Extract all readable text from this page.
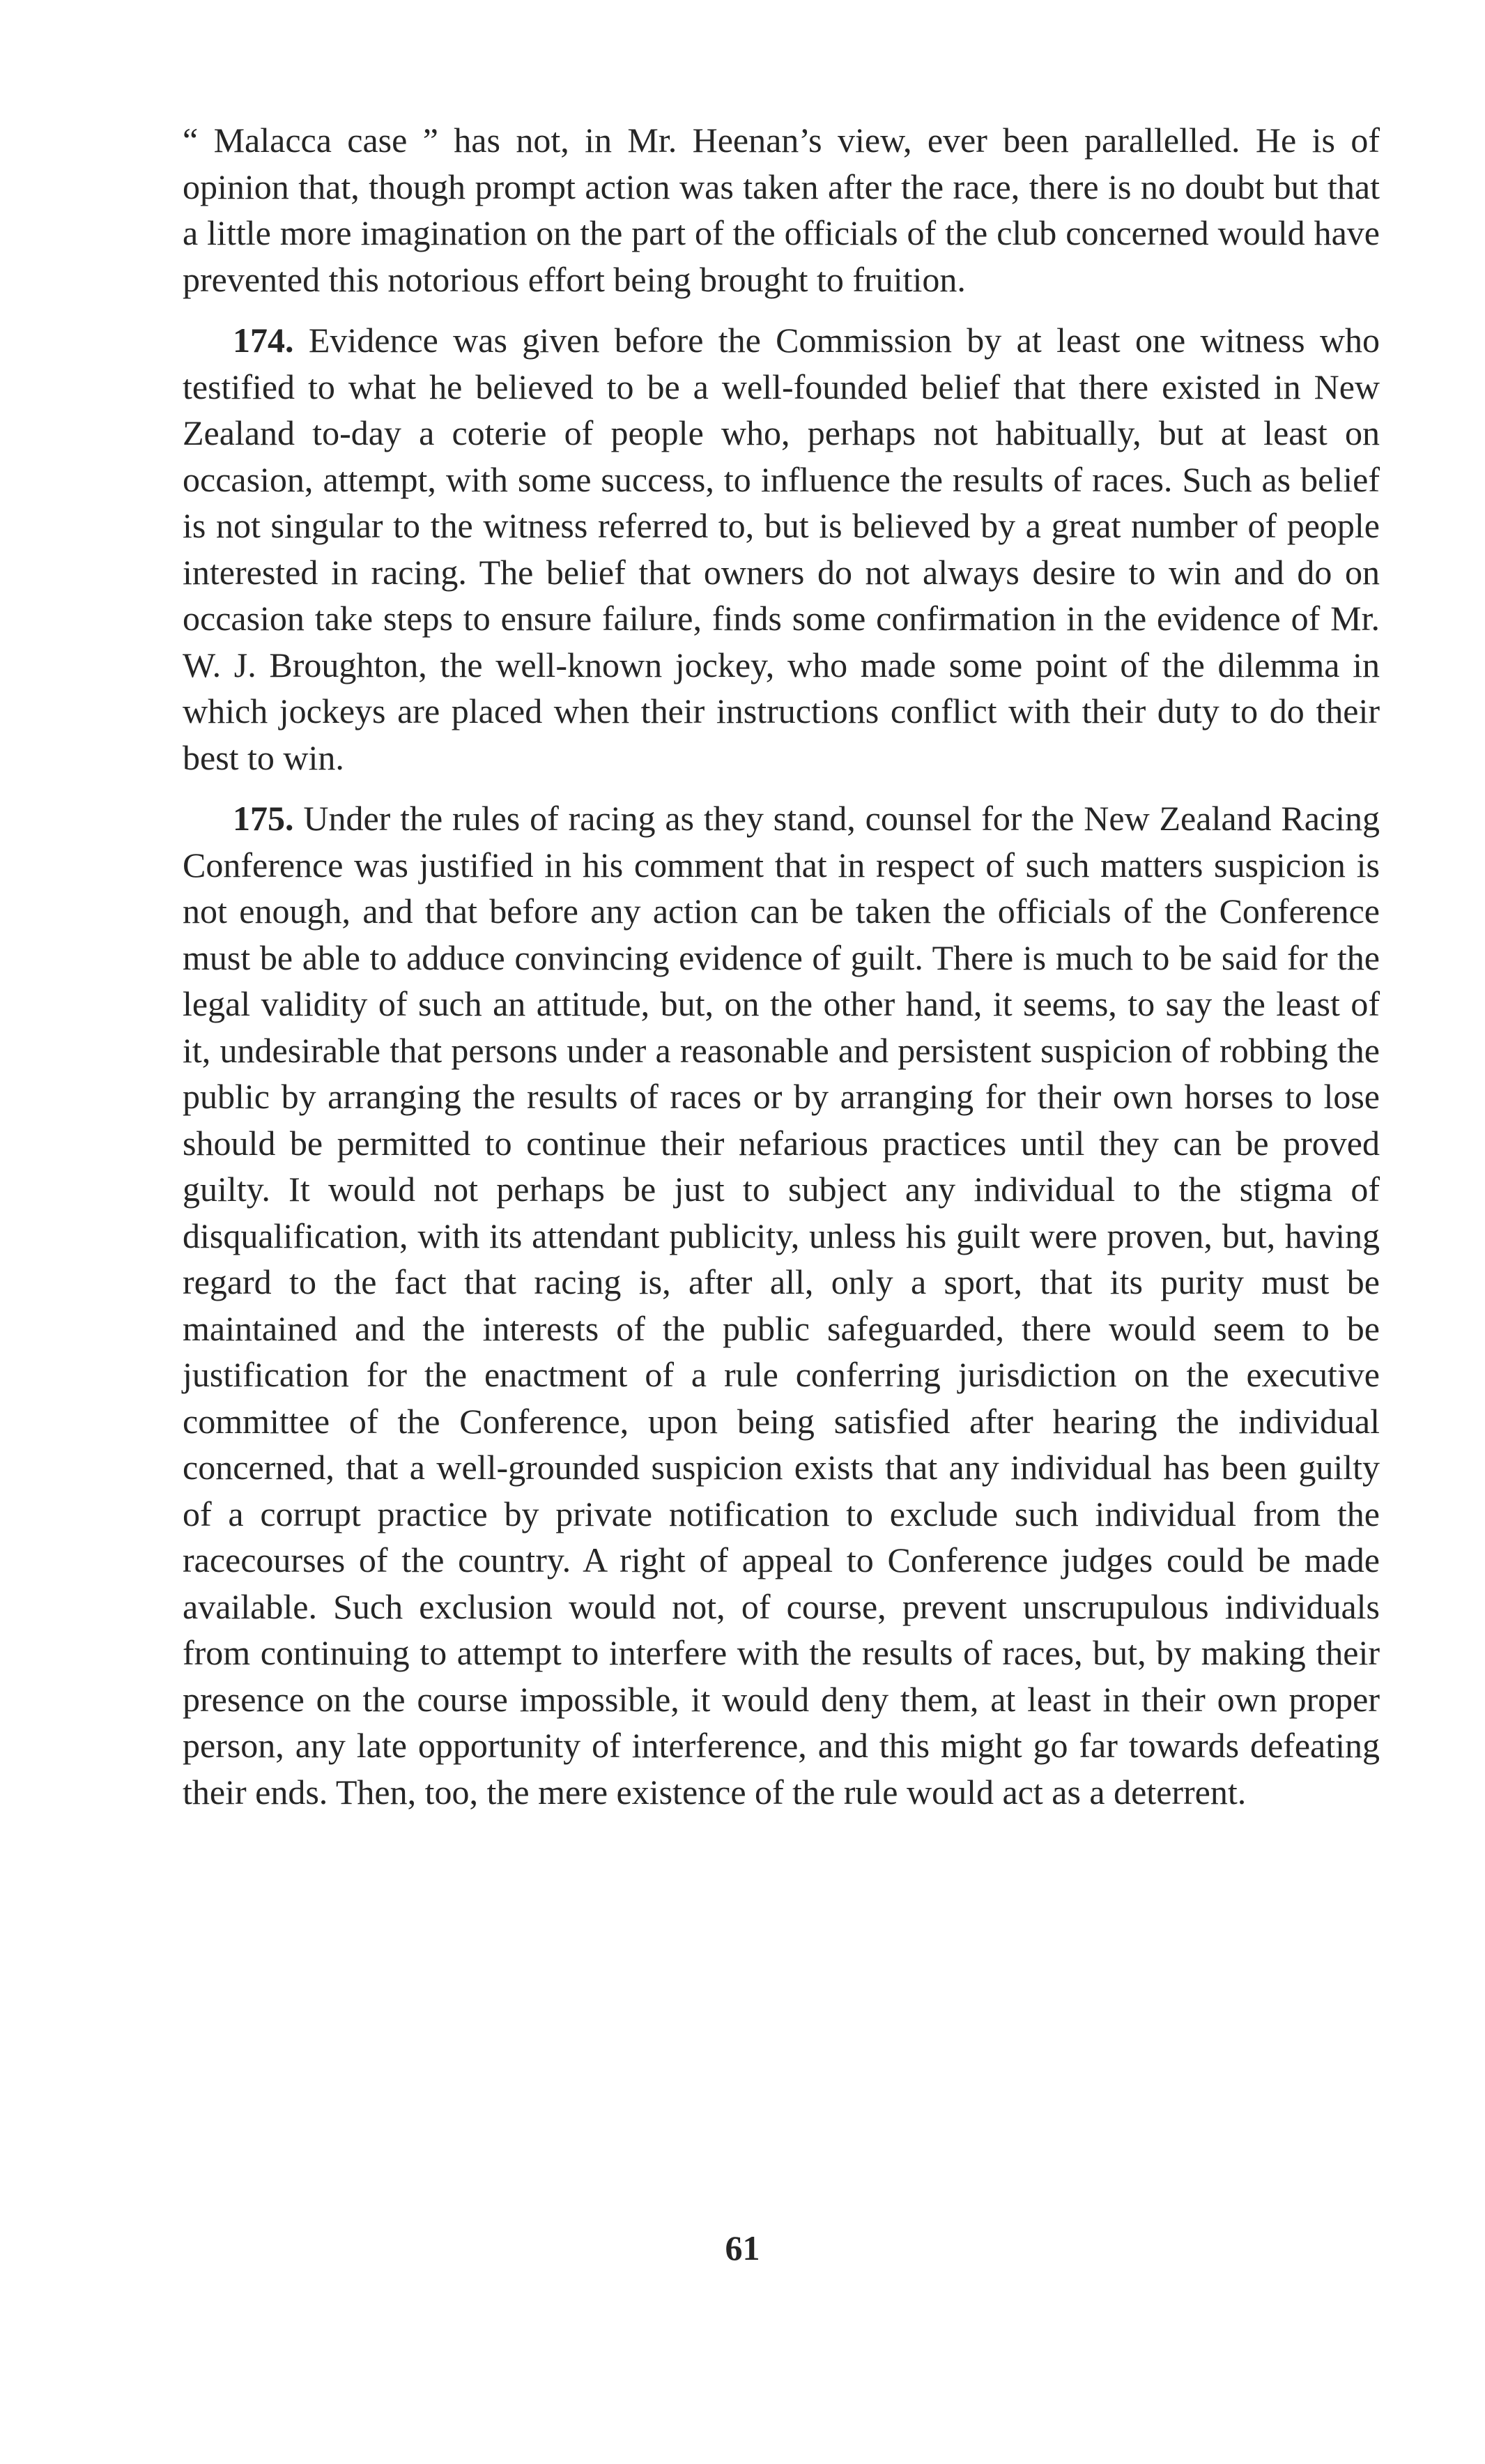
“ Malacca case ” has not, in Mr. Heenan’s view, ever been parallelled. He is of opinion that, though prompt action was taken after the race, there is no doubt but that a little more imagination on the part of the officials of the club concerned would have prevented this notorious effort being brought to fruition.

174. Evidence was given before the Commission by at least one witness who testified to what he believed to be a well-founded belief that there existed in New Zealand to-day a coterie of people who, perhaps not habitually, but at least on occasion, attempt, with some success, to influence the results of races. Such as belief is not singular to the witness referred to, but is believed by a great number of people interested in racing. The belief that owners do not always desire to win and do on occasion take steps to ensure failure, finds some confirmation in the evidence of Mr. W. J. Broughton, the well-known jockey, who made some point of the dilemma in which jockeys are placed when their instructions conflict with their duty to do their best to win.

175. Under the rules of racing as they stand, counsel for the New Zealand Racing Conference was justified in his comment that in respect of such matters suspicion is not enough, and that before any action can be taken the officials of the Conference must be able to adduce convincing evidence of guilt. There is much to be said for the legal validity of such an attitude, but, on the other hand, it seems, to say the least of it, undesirable that persons under a reasonable and persistent suspicion of robbing the public by arranging the results of races or by arranging for their own horses to lose should be permitted to continue their nefarious practices until they can be proved guilty. It would not perhaps be just to subject any individual to the stigma of disqualification, with its attendant publicity, unless his guilt were proven, but, having regard to the fact that racing is, after all, only a sport, that its purity must be maintained and the interests of the public safeguarded, there would seem to be justification for the enactment of a rule conferring jurisdiction on the executive committee of the Conference, upon being satisfied after hearing the individual concerned, that a well-grounded suspicion exists that any individual has been guilty of a corrupt practice by private notification to exclude such individual from the racecourses of the country. A right of appeal to Conference judges could be made available. Such exclusion would not, of course, prevent unscrupulous individuals from continuing to attempt to interfere with the results of races, but, by making their presence on the course impossible, it would deny them, at least in their own proper person, any late opportunity of interference, and this might go far towards defeating their ends. Then, too, the mere existence of the rule would act as a deterrent.

61
